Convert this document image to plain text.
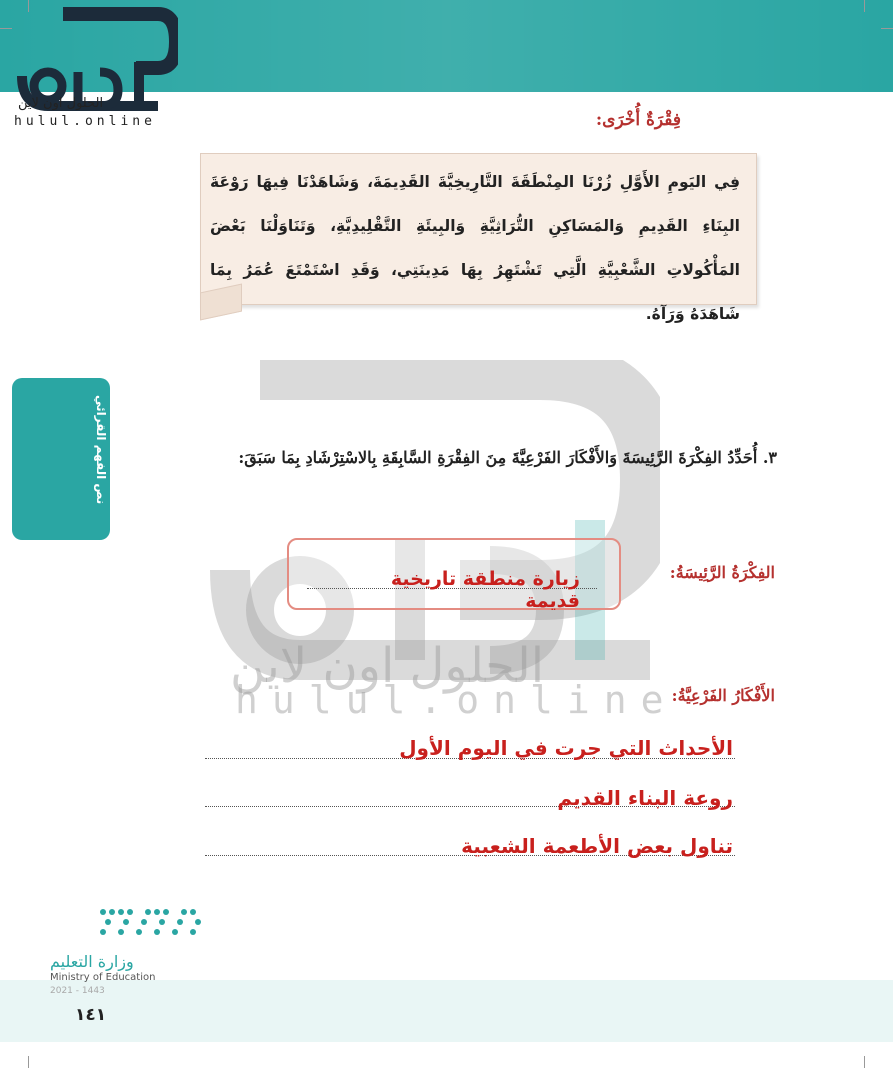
الحلول اون لاين
hulul.online	فِقْرَةٌ أُخْرَى:
فِي اليَومِ الأَوَّلِ زُرْنَا المِنْطَقَةَ التَّارِيخِيَّةَ القَدِيمَةَ، وَشَاهَدْنَا فِيهَا رَوْعَةَ البِنَاءِ القَدِيمِ وَالمَسَاكِنِ التُّرَاثِيَّةِ وَالبِيئَةِ التَّقْلِيدِيَّةِ، وَتَنَاوَلْنَا بَعْضَ المَأْكُولاتِ الشَّعْبِيَّةِ الَّتِي تَشْتَهِرُ بِهَا مَدِينَتِي، وَقَدِ اسْتَمْتَعَ عُمَرُ بِمَا شَاهَدَهُ وَرَآهُ.
نص الفهم القرائي
الحلول اون لاين
hulul.online
٣. أُحَدِّدُ الفِكْرَةَ الرَّئِيسَةَ وَالأَفْكَارَ الفَرْعِيَّةَ مِنَ الفِقْرَةِ السَّابِقَةِ بِالاسْتِرْشَادِ بِمَا سَبَقَ:
الفِكْرَةُ الرَّئِيسَةُ:
زيارة منطقة تاريخية قديمة
الأَفْكَارُ الفَرْعِيَّةُ:
الأحداث التي جرت في اليوم الأول
روعة البناء القديم
تناول بعض الأطعمة الشعبية
وزارة التعليم
Ministry of Education
2021 - 1443
١٤١
